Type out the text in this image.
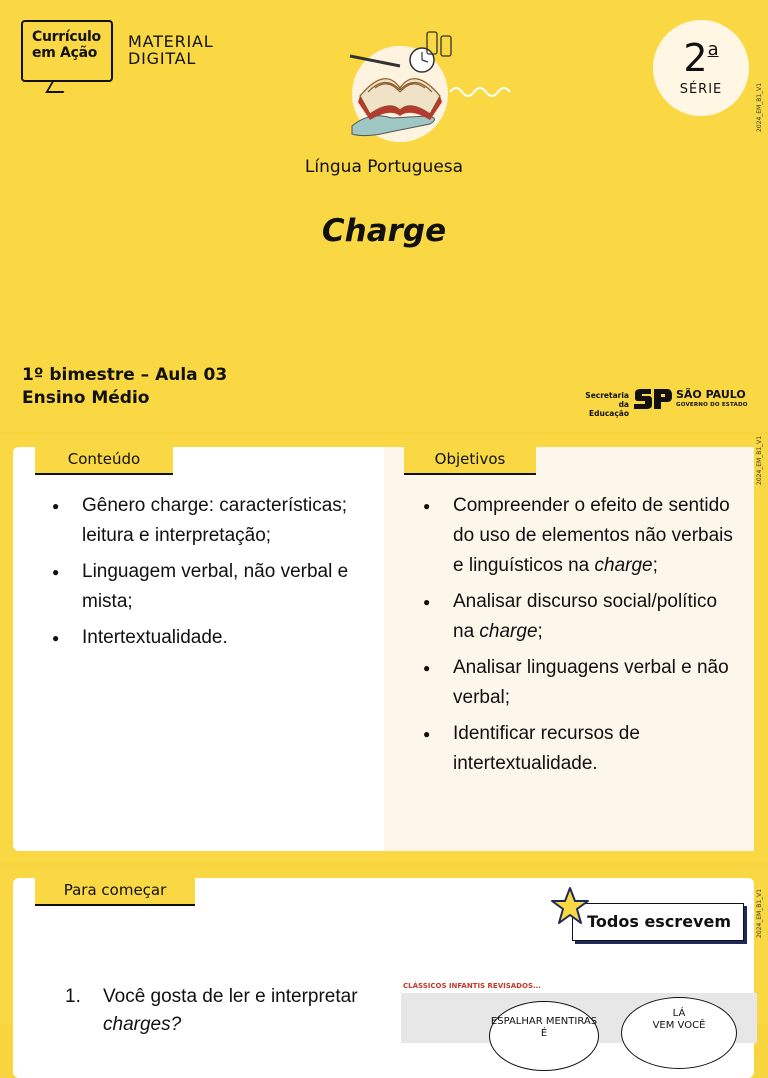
Currículo
em Ação
MATERIAL
DIGITAL	2$^a$
SÉRIE	2024_EM_B1_V1
Língua Portuguesa
Charge
1º bimestre – Aula 03
Ensino Médio	Secretaria da
Educação
SÃO PAULO
GOVERNO DO ESTADO
● Gênero charge: características; leitura e interpretação;
● Linguagem verbal, não verbal e mista;
● Intertextualidade.
● Compreender o efeito de sentido do uso de elementos não verbais e linguísticos na charge;
● Analisar discurso social/político na charge;
● Analisar linguagens verbal e não verbal;
● Identificar recursos de intertextualidade.
Conteúdo	Objetivos	2024_EM_B1_V1
1. Você gosta de ler e interpretar
charges?
CLÁSSICOS INFANTIS REVISADOS...
ESPALHAR MENTIRAS É
LÁ
VEM VOCÊ
Para começar
Todos escrevem	2024_EM_B1_V1
